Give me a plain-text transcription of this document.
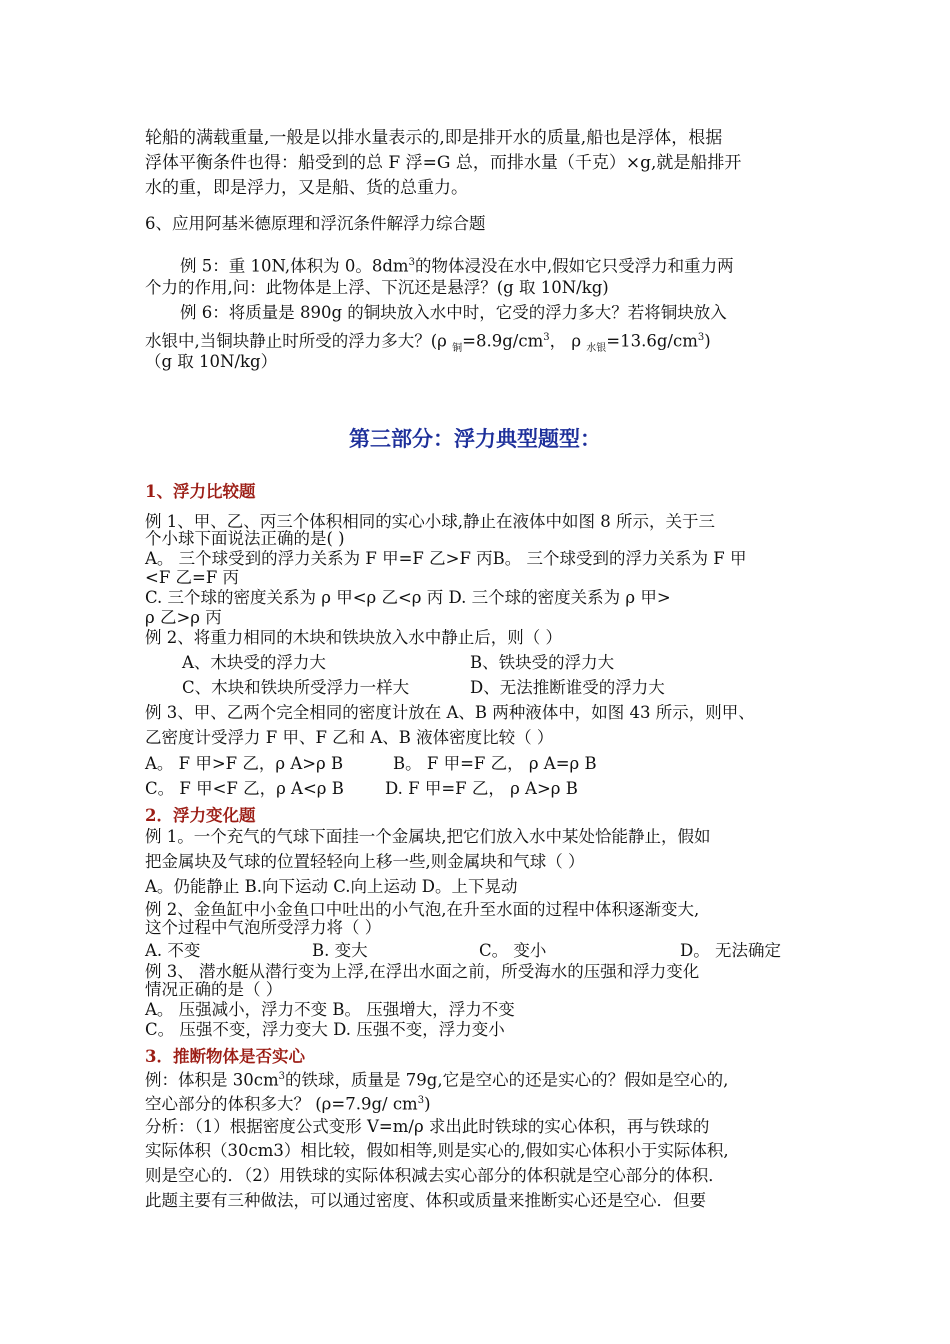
轮船的满载重量,一般是以排水量表示的,即是排开水的质量,船也是浮体，根据
浮体平衡条件也得：船受到的总 F 浮=G 总，而排水量（千克）×g,就是船排开
水的重，即是浮力，又是船、货的总重力。
6、应用阿基米德原理和浮沉条件解浮力综合题
例 5：重 10N,体积为 0。$8dm^3$的物体浸没在水中,假如它只受浮力和重力两
个力的作用,问：此物体是上浮、下沉还是悬浮？(g 取 10N/kg)
例 6：将质量是 890g 的铜块放入水中时，它受的浮力多大？若将铜块放入
水银中,当铜块静止时所受的浮力多大？(ρ $_铜=8.9g/cm^3$， ρ $_{水银}=13.6g/cm^3$)
（g 取 10N/kg）
第三部分：浮力典型题型：
1、浮力比较题
例 1、甲、乙、丙三个体积相同的实心小球,静止在液体中如图 8 所示，关于三
个小球下面说法正确的是( )
A。 三个球受到的浮力关系为 F 甲=F 乙>F 丙B。 三个球受到的浮力关系为 F 甲
<F 乙=F 丙
C. 三个球的密度关系为 ρ 甲<ρ 乙<ρ 丙 D. 三个球的密度关系为 ρ 甲>
ρ 乙>ρ 丙
例 2、将重力相同的木块和铁块放入水中静止后，则（ ）
A、木块受的浮力大	B、铁块受的浮力大
C、木块和铁块所受浮力一样大	D、无法推断谁受的浮力大
例 3、甲、乙两个完全相同的密度计放在 A、B 两种液体中，如图 43 所示，则甲、
乙密度计受浮力 F 甲、F 乙和 A、B 液体密度比较（ ）
A。 F 甲>F 乙，ρ A>ρ B	B。 F 甲=F 乙， ρ A=ρ B
C。 F 甲<F 乙，ρ A<ρ B D. F 甲=F 乙， ρ A>ρ B
2．浮力变化题
例 1。一个充气的气球下面挂一个金属块,把它们放入水中某处恰能静止，假如
把金属块及气球的位置轻轻向上移一些,则金属块和气球（ ）
A。仍能静止 B.向下运动 C.向上运动 D。上下晃动
例 2、金鱼缸中小金鱼口中吐出的小气泡,在升至水面的过程中体积逐渐变大,
这个过程中气泡所受浮力将（ ）
A. 不变	B. 变大	C。 变小	D。 无法确定
例 3、 潜水艇从潜行变为上浮,在浮出水面之前，所受海水的压强和浮力变化
情况正确的是（ ）
A。 压强减小，浮力不变 B。 压强增大，浮力不变
C。 压强不变，浮力变大 D. 压强不变，浮力变小
3．推断物体是否实心
例：体积是 $30cm^3$的铁球，质量是 79g,它是空心的还是实心的？假如是空心的,
空心部分的体积多大？ (ρ=7.9g/ $cm^3$)
分析：（1）根据密度公式变形 V=m/ρ 求出此时铁球的实心体积，再与铁球的
实际体积（30cm3）相比较，假如相等,则是实心的,假如实心体积小于实际体积,
则是空心的．（2）用铁球的实际体积减去实心部分的体积就是空心部分的体积．
此题主要有三种做法，可以通过密度、体积或质量来推断实心还是空心．但要
